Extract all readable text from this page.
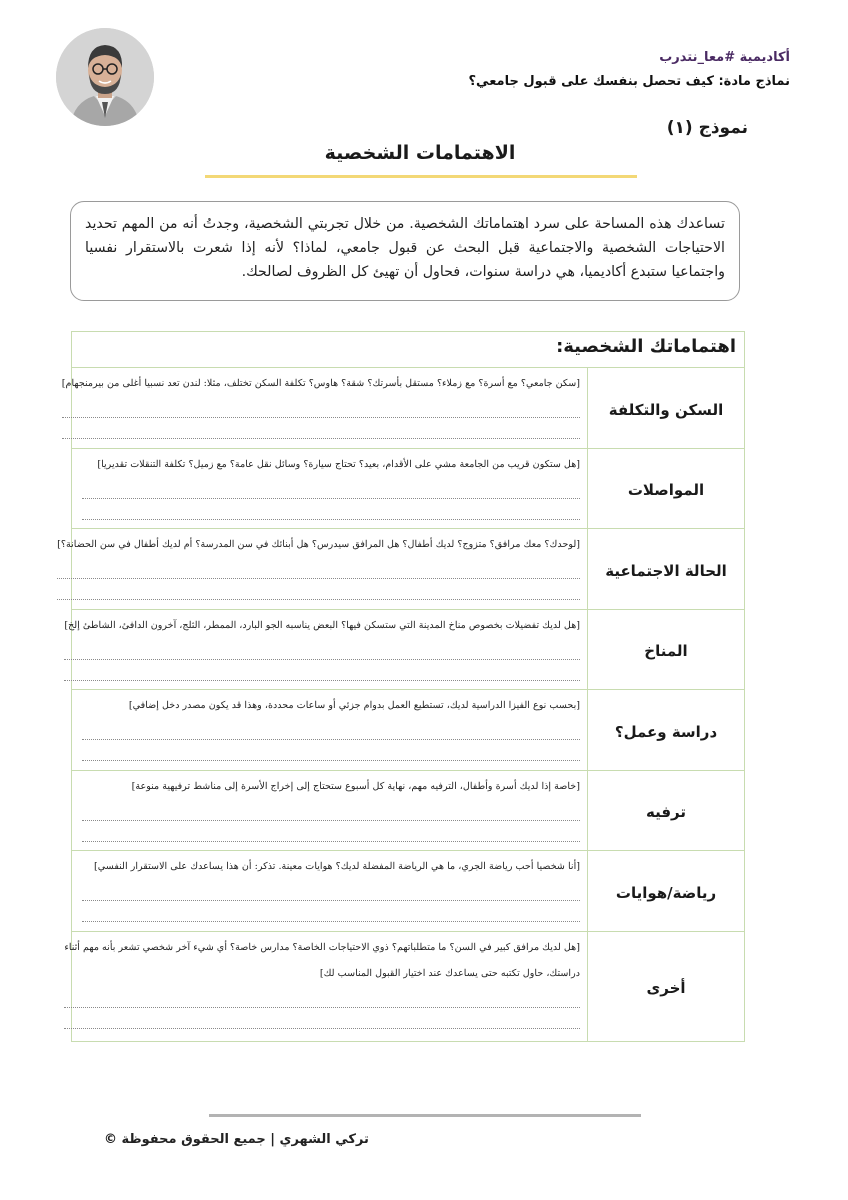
أكاديمية #معا_نتدرب
نماذج مادة: كيف تحصل بنفسك على قبول جامعي؟
نموذج (١)
الاهتمامات الشخصية
تساعدك هذه المساحة على سرد اهتماماتك الشخصية. من خلال تجربتي الشخصية، وجدتُ أنه من المهم تحديد الاحتياجات الشخصية والاجتماعية قبل البحث عن قبول جامعي، لماذا؟ لأنه إذا شعرت بالاستقرار نفسيا واجتماعيا ستبدع أكاديميا، هي دراسة سنوات، فحاول أن تهيئ كل الظروف لصالحك.
اهتماماتك الشخصية:
السكن والتكلفة
[سكن جامعي؟ مع أسرة؟ مع زملاء؟ مستقل بأسرتك؟ شقة؟ هاوس؟ تكلفة السكن تختلف، مثلا: لندن تعد نسبيا أغلى من بيرمنجهام]
المواصلات
[هل ستكون قريب من الجامعة مشي على الأقدام، بعيد؟ تحتاج سيارة؟ وسائل نقل عامة؟ مع زميل؟ تكلفة التنقلات تقديريا]
الحالة الاجتماعية
[لوحدك؟ معك مرافق؟ متزوج؟ لديك أطفال؟ هل المرافق سيدرس؟ هل أبنائك في سن المدرسة؟ أم لديك أطفال في سن الحضانة؟]
المناخ
[هل لديك تفضيلات بخصوص مناخ المدينة التي ستسكن فيها؟ البعض يناسبه الجو البارد، الممطر، الثلج، آخرون الدافئ، الشاطئ إلخ]
دراسة وعمل؟
[بحسب نوع الفيزا الدراسية لديك، تستطيع العمل بدوام جزئي أو ساعات محددة، وهذا قد يكون مصدر دخل إضافي]
ترفيه
[خاصة إذا لديك أسرة وأطفال، الترفيه مهم، نهاية كل أسبوع ستحتاج إلى إخراج الأسرة إلى مناشط ترفيهية منوعة]
رياضة/هوايات
[أنا شخصيا أحب رياضة الجري، ما هي الرياضة المفضلة لديك؟ هوايات معينة. تذكر: أن هذا يساعدك على الاستقرار النفسي]
أخرى
[هل لديك مرافق كبير في السن؟ ما متطلباتهم؟ ذوي الاحتياجات الخاصة؟ مدارس خاصة؟ أي شيء آخر شخصي تشعر بأنه مهم أثناء
دراستك، حاول تكتبه حتى يساعدك عند اختيار القبول المناسب لك]
تركي الشهري | جميع الحقوق محفوظة ©
